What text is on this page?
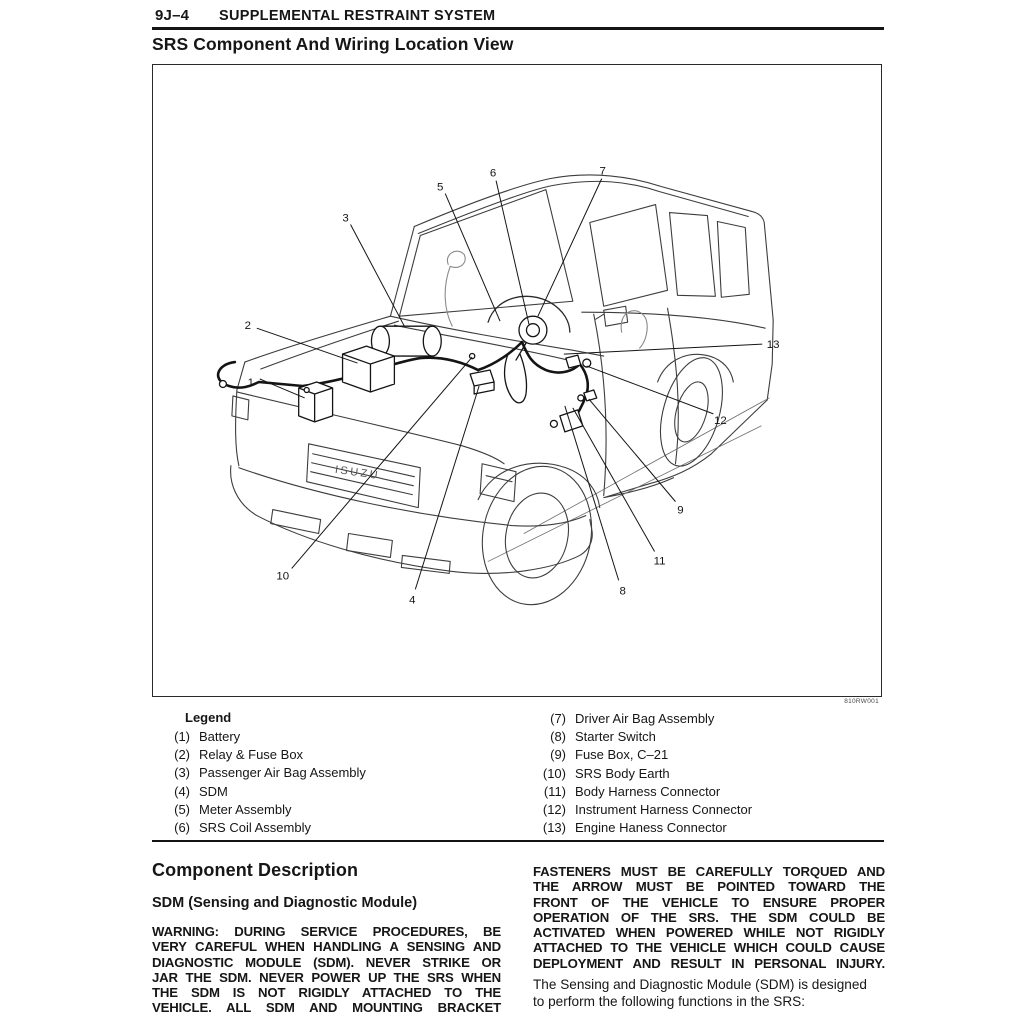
9J–4 SUPPLEMENTAL RESTRAINT SYSTEM
SRS Component And Wiring Location View
ISUZU
1
2
3
4
5
6	7
8
9
10
11
12
13
810RW001
Legend
(1) Battery
(2) Relay & Fuse Box
(3) Passenger Air Bag Assembly
(4) SDM
(5) Meter Assembly
(6) SRS Coil Assembly
(7) Driver Air Bag Assembly
(8) Starter Switch
(9) Fuse Box, C–21
(10) SRS Body Earth
(11) Body Harness Connector
(12) Instrument Harness Connector
(13) Engine Haness Connector
Component Description
SDM (Sensing and Diagnostic Module)
WARNING: DURING SERVICE PROCEDURES, BE
VERY CAREFUL WHEN HANDLING A SENSING AND
DIAGNOSTIC MODULE (SDM). NEVER STRIKE OR
JAR THE SDM. NEVER POWER UP THE SRS WHEN
THE SDM IS NOT RIGIDLY ATTACHED TO THE
VEHICLE. ALL SDM AND MOUNTING BRACKET
FASTENERS MUST BE CAREFULLY TORQUED AND
THE ARROW MUST BE POINTED TOWARD THE
FRONT OF THE VEHICLE TO ENSURE PROPER
OPERATION OF THE SRS. THE SDM COULD BE
ACTIVATED WHEN POWERED WHILE NOT RIGIDLY
ATTACHED TO THE VEHICLE WHICH COULD CAUSE
DEPLOYMENT AND RESULT IN PERSONAL INJURY.
The Sensing and Diagnostic Module (SDM) is designed
to perform the following functions in the SRS:
